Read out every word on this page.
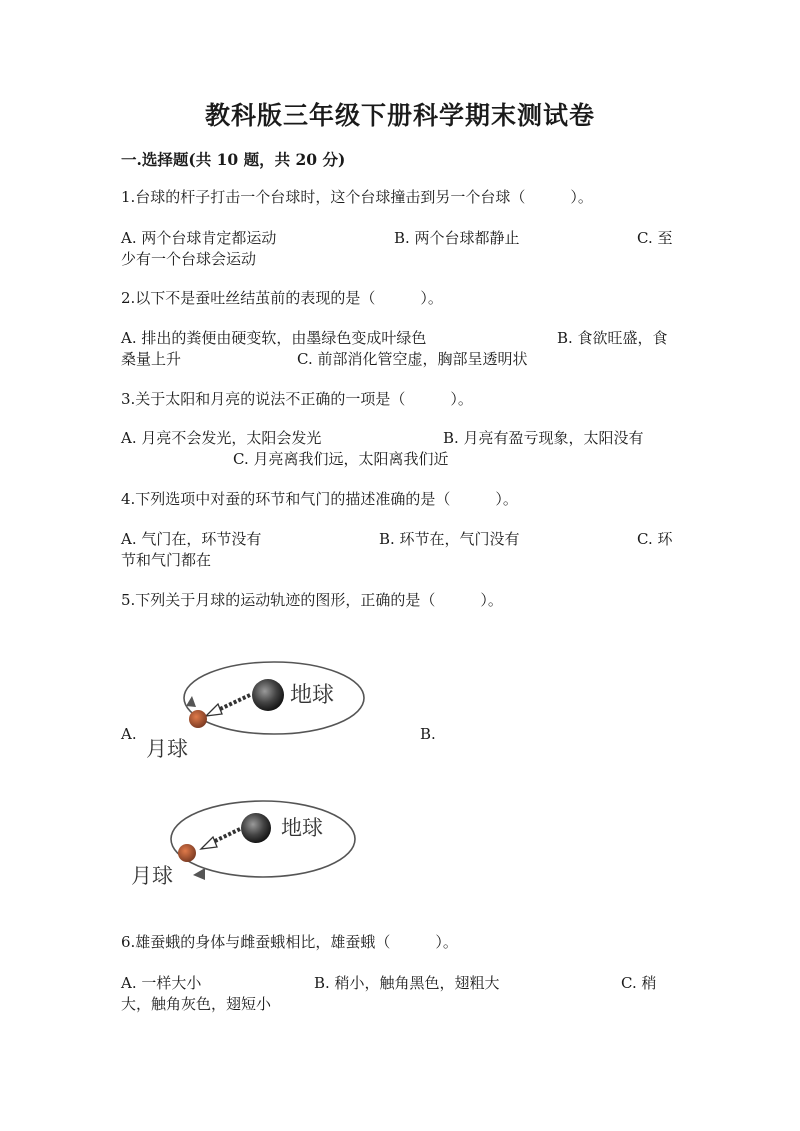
教科版三年级下册科学期末测试卷
一.选择题(共 10 题，共 20 分)
1.台球的杆子打击一个台球时，这个台球撞击到另一个台球（　　　）。
A. 两个台球肯定都运动	B. 两个台球都静止	C. 至
少有一个台球会运动
2.以下不是蚕吐丝结茧前的表现的是（　　　）。
A. 排出的粪便由硬变软，由墨绿色变成叶绿色	B. 食欲旺盛，食
桑量上升	C. 前部消化管空虚，胸部呈透明状
3.关于太阳和月亮的说法不正确的一项是（　　　）。
A. 月亮不会发光，太阳会发光	B. 月亮有盈亏现象，太阳没有
C. 月亮离我们远，太阳离我们近
4.下列选项中对蚕的环节和气门的描述准确的是（　　　）。
A. 气门在，环节没有	B. 环节在，气门没有	C. 环
节和气门都在
5.下列关于月球的运动轨迹的图形，正确的是（　　　）。
地球
月球
A.	B.
地球
月球
6.雄蚕蛾的身体与雌蚕蛾相比，雄蚕蛾（　　　）。
A. 一样大小	B. 稍小，触角黑色，翅粗大	C. 稍
大，触角灰色，翅短小
